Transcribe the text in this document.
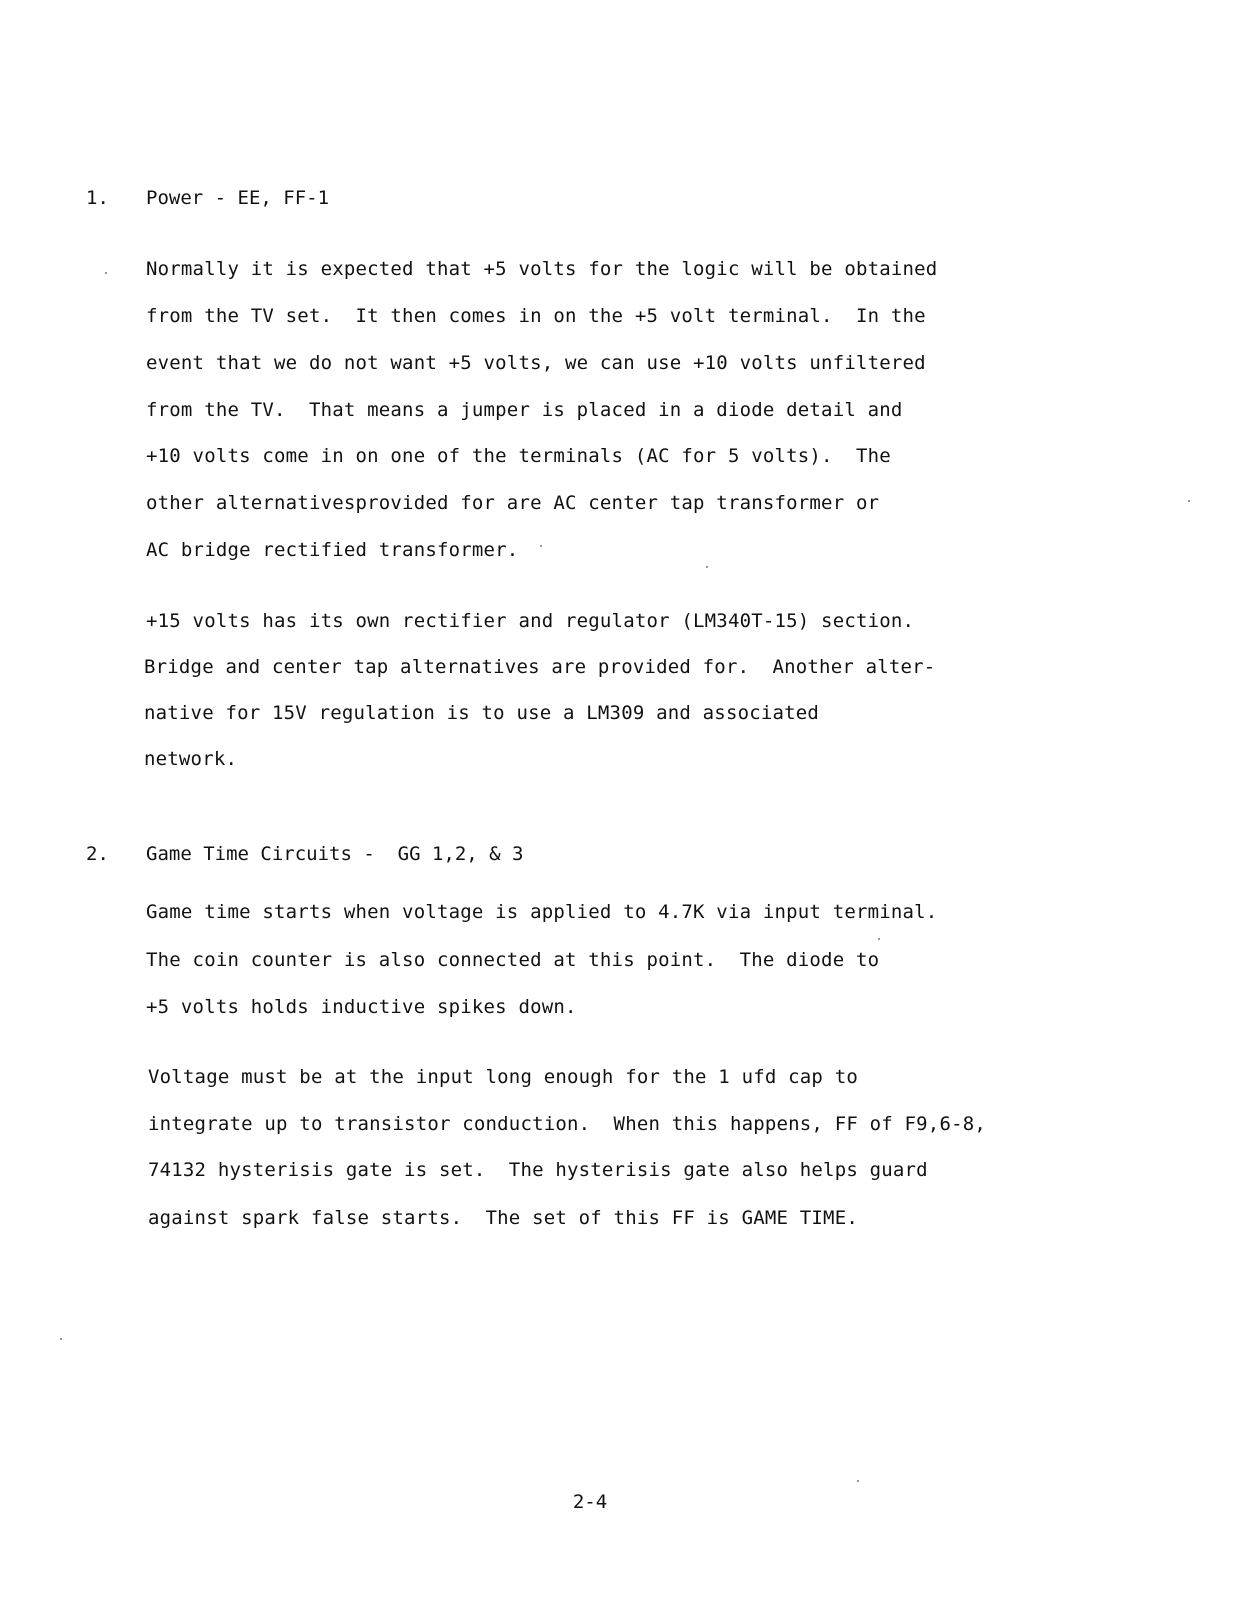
1. Power - EE, FF-1
Normally it is expected that +5 volts for the logic will be obtained
from the TV set.  It then comes in on the +5 volt terminal.  In the
event that we do not want +5 volts, we can use +10 volts unfiltered
from the TV.  That means a jumper is placed in a diode detail and
+10 volts come in on one of the terminals (AC for 5 volts).  The
other alternativesprovided for are AC center tap transformer or
AC bridge rectified transformer.
+15 volts has its own rectifier and regulator (LM340T-15) section.
Bridge and center tap alternatives are provided for.  Another alter-
native for 15V regulation is to use a LM309 and associated
network.
2. Game Time Circuits -  GG 1,2, & 3
Game time starts when voltage is applied to 4.7K via input terminal.
The coin counter is also connected at this point.  The diode to
+5 volts holds inductive spikes down.
Voltage must be at the input long enough for the 1 ufd cap to
integrate up to transistor conduction.  When this happens, FF of F9,6-8,
74132 hysterisis gate is set.  The hysterisis gate also helps guard
against spark false starts.  The set of this FF is GAME TIME.
2-4
